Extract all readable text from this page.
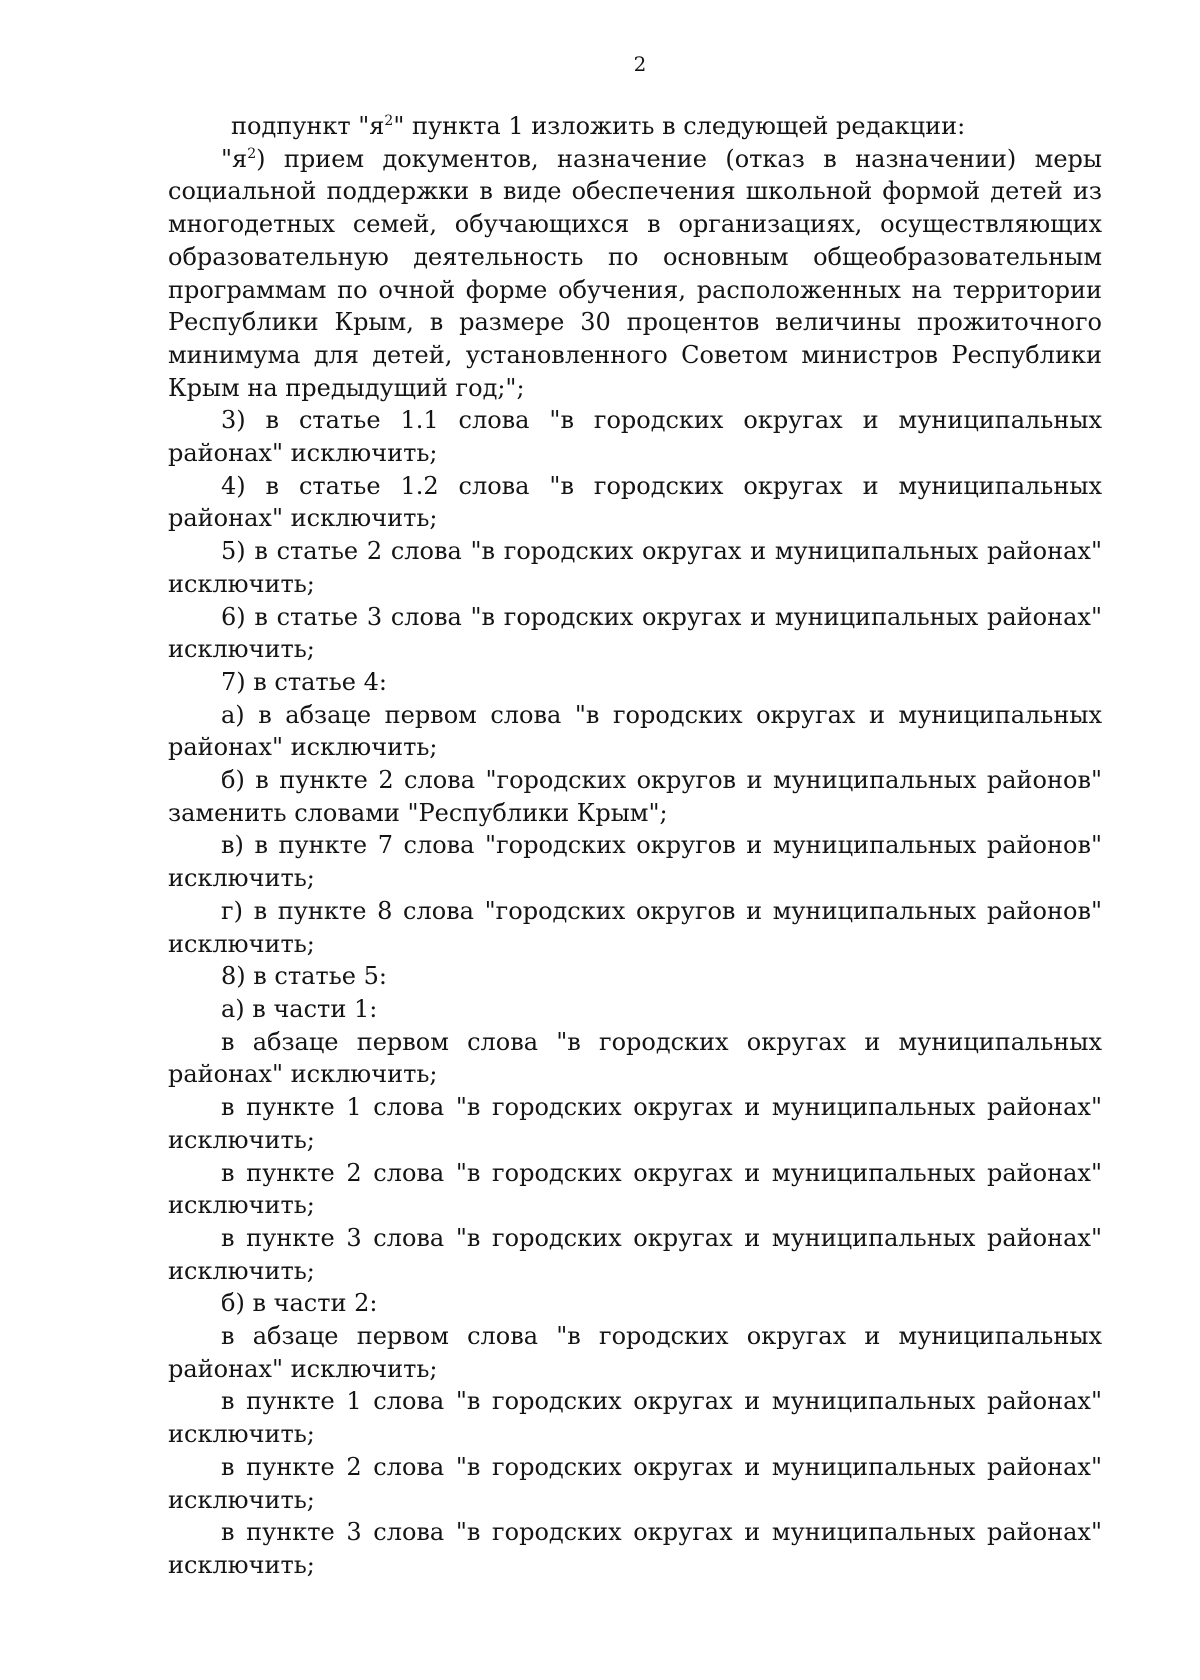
2

подпункт "$я^2$" пункта 1 изложить в следующей редакции:

"$я^2$) прием документов, назначение (отказ в назначении) меры социальной поддержки в виде обеспечения школьной формой детей из многодетных семей, обучающихся в организациях, осуществляющих образовательную деятельность по основным общеобразовательным программам по очной форме обучения, расположенных на территории Республики Крым, в размере 30 процентов величины прожиточного минимума для детей, установленного Советом министров Республики Крым на предыдущий год;";

3) в статье 1.1 слова "в городских округах и муниципальных районах" исключить;

4) в статье 1.2 слова "в городских округах и муниципальных районах" исключить;

5) в статье 2 слова "в городских округах и муниципальных районах" исключить;

6) в статье 3 слова "в городских округах и муниципальных районах" исключить;

7) в статье 4:

а) в абзаце первом слова "в городских округах и муниципальных районах" исключить;

б) в пункте 2 слова "городских округов и муниципальных районов" заменить словами "Республики Крым";

в) в пункте 7 слова "городских округов и муниципальных районов" исключить;

г) в пункте 8 слова "городских округов и муниципальных районов" исключить;

8) в статье 5:

а) в части 1:

в абзаце первом слова "в городских округах и муниципальных районах" исключить;

в пункте 1 слова "в городских округах и муниципальных районах" исключить;

в пункте 2 слова "в городских округах и муниципальных районах" исключить;

в пункте 3 слова "в городских округах и муниципальных районах" исключить;

б) в части 2:

в абзаце первом слова "в городских округах и муниципальных районах" исключить;

в пункте 1 слова "в городских округах и муниципальных районах" исключить;

в пункте 2 слова "в городских округах и муниципальных районах" исключить;

в пункте 3 слова "в городских округах и муниципальных районах" исключить;
